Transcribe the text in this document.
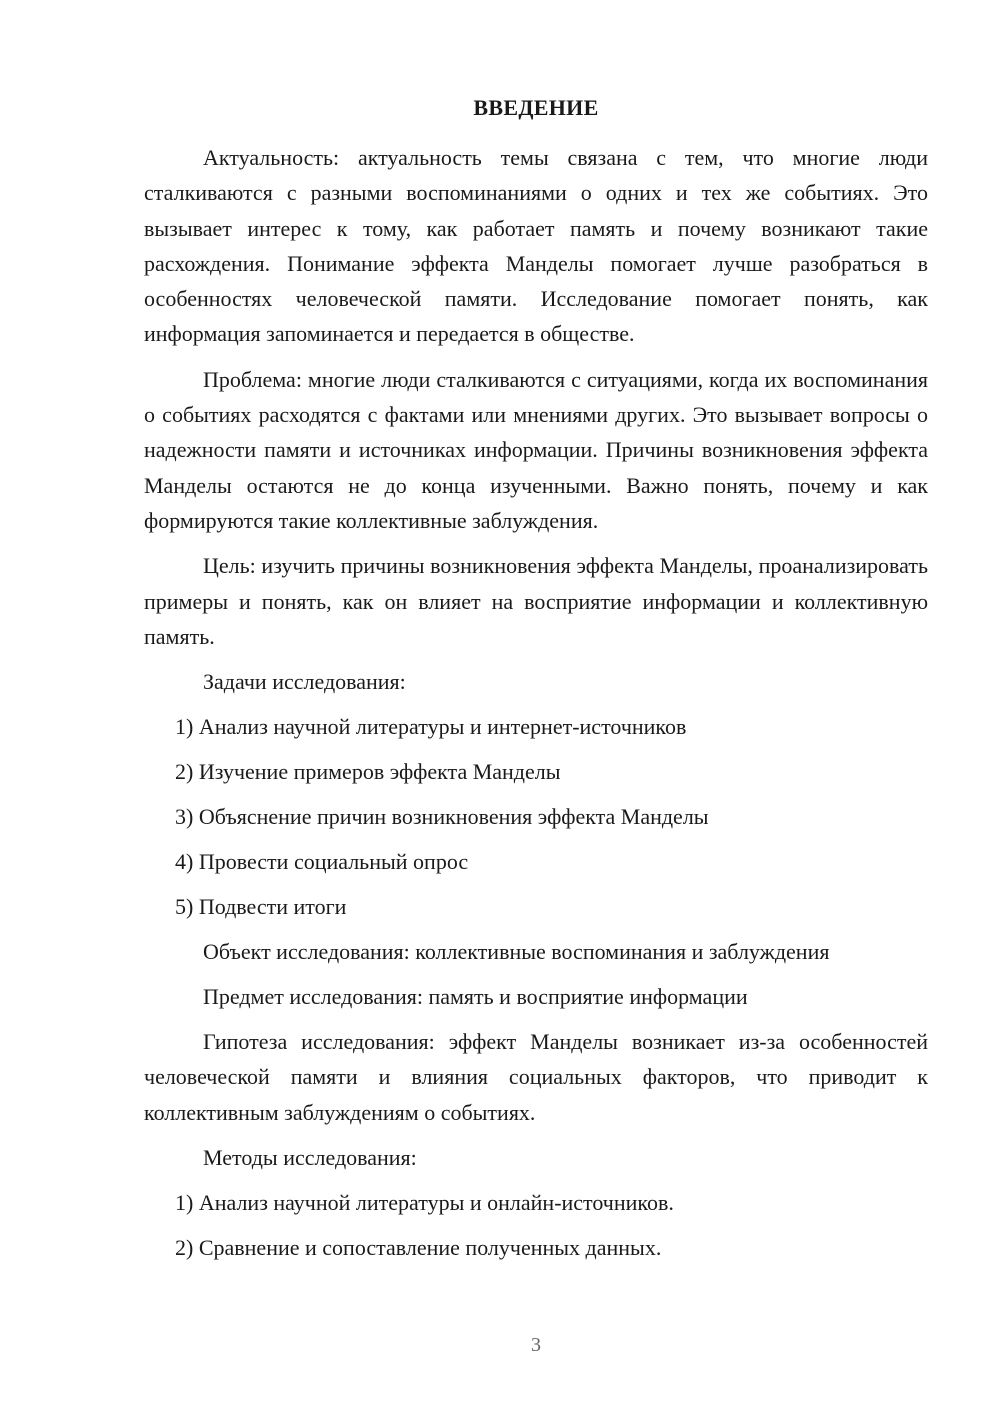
ВВЕДЕНИЕ

Актуальность: актуальность темы связана с тем, что многие люди сталкиваются с разными воспоминаниями о одних и тех же событиях. Это вызывает интерес к тому, как работает память и почему возникают такие расхождения. Понимание эффекта Манделы помогает лучше разобраться в особенностях человеческой памяти. Исследование помогает понять, как информация запоминается и передается в обществе.

Проблема: многие люди сталкиваются с ситуациями, когда их воспоминания о событиях расходятся с фактами или мнениями других. Это вызывает вопросы о надежности памяти и источниках информации. Причины возникновения эффекта Манделы остаются не до конца изученными. Важно понять, почему и как формируются такие коллективные заблуждения.

Цель: изучить причины возникновения эффекта Манделы, проанализировать примеры и понять, как он влияет на восприятие информации и коллективную память.

Задачи исследования:
1) Анализ научной литературы и интернет-источников
2) Изучение примеров эффекта Манделы
3) Объяснение причин возникновения эффекта Манделы
4) Провести социальный опрос
5) Подвести итоги
Объект исследования: коллективные воспоминания и заблуждения
Предмет исследования: память и восприятие информации

Гипотеза исследования: эффект Манделы возникает из-за особенностей человеческой памяти и влияния социальных факторов, что приводит к коллективным заблуждениям о событиях.

Методы исследования:
1) Анализ научной литературы и онлайн-источников.
2) Сравнение и сопоставление полученных данных.
3
